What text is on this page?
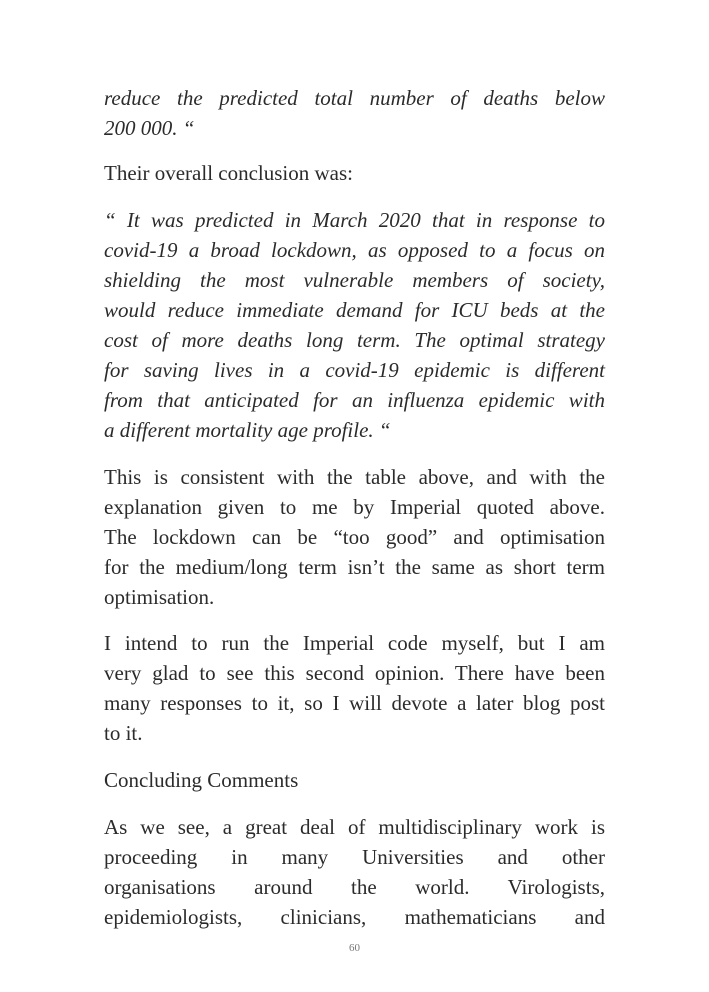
reduce the predicted total number of deaths below
200 000. “
Their overall conclusion was:
“ It was predicted in March 2020 that in response to
covid-19 a broad lockdown, as opposed to a focus on
shielding the most vulnerable members of society,
would reduce immediate demand for ICU beds at the
cost of more deaths long term. The optimal strategy
for saving lives in a covid-19 epidemic is different
from that anticipated for an influenza epidemic with
a different mortality age profile. “
This is consistent with the table above, and with the
explanation given to me by Imperial quoted above.
The lockdown can be “too good” and optimisation
for the medium/long term isn’t the same as short term
optimisation.
I intend to run the Imperial code myself, but I am
very glad to see this second opinion. There have been
many responses to it, so I will devote a later blog post
to it.
Concluding Comments
As we see, a great deal of multidisciplinary work is
proceeding in many Universities and other
organisations around the world. Virologists,
epidemiologists, clinicians, mathematicians and
60
